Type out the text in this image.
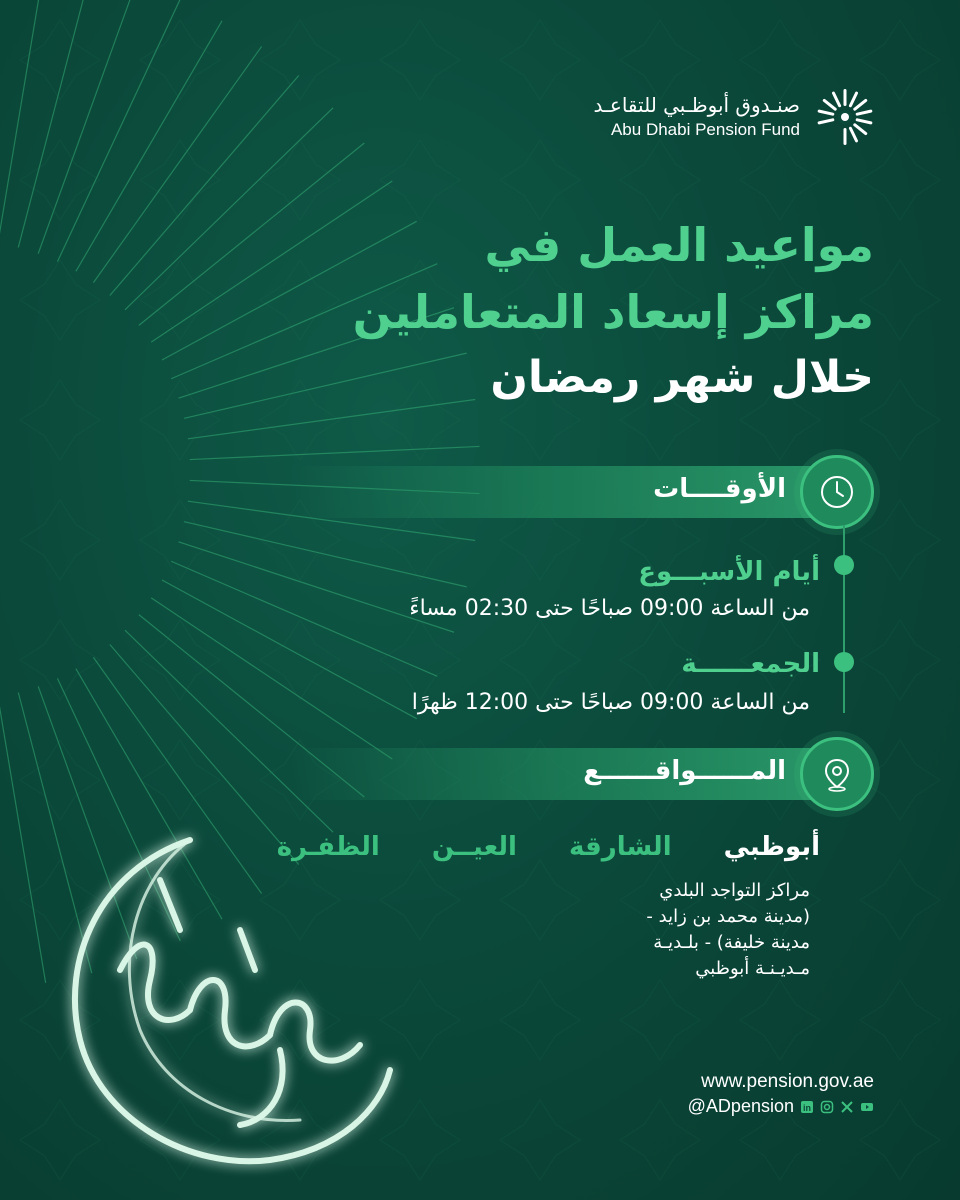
صنـدوق أبوظـبي للتقاعـد
Abu Dhabi Pension Fund
مواعيد العمل في
مراكز إسعاد المتعاملين
خلال شهر رمضان
الأوقــــات
أيام الأسبـــوع
من الساعة 09:00 صباحًا حتى 02:30 مساءً
الجمعــــــة
من الساعة 09:00 صباحًا حتى 12:00 ظهرًا
المــــــواقــــــع
أبوظبي
الشارقة
العيــن
الظفـرة
مراكز التواجد البلدي (مدينة محمد بن زايد - مدينة خليفة) - بلـديـة مـديـنـة أبوظبي
www.pension.gov.ae
@ADpension in
